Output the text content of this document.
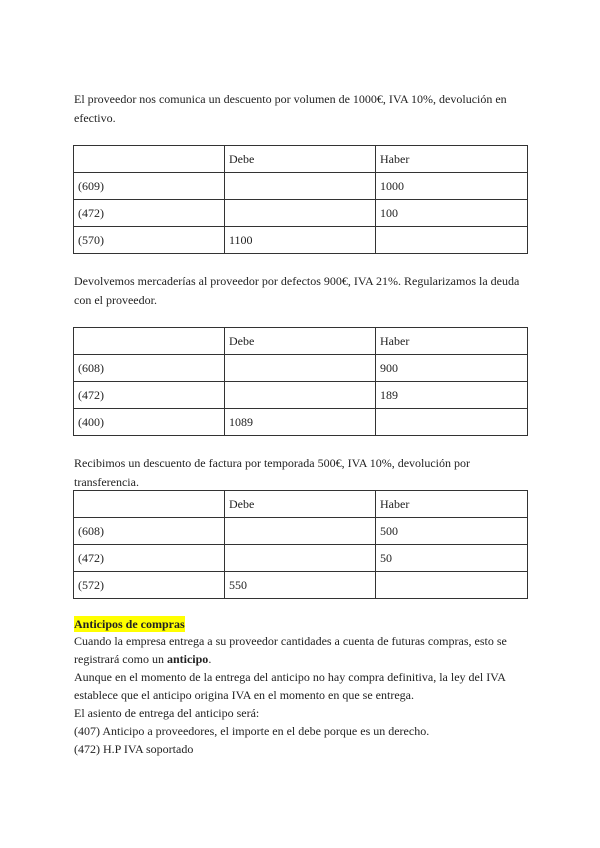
El proveedor nos comunica un descuento por volumen de 1000€, IVA 10%, devolución en efectivo.

	Debe	Haber
(609)		1000
(472)		100
(570)	1100	

Devolvemos mercaderías al proveedor por defectos 900€, IVA 21%. Regularizamos la deuda con el proveedor.

	Debe	Haber
(608)		900
(472)		189
(400)	1089	

Recibimos un descuento de factura por temporada 500€, IVA 10%, devolución por transferencia.

	Debe	Haber
(608)		500
(472)		50
(572)	550	
Anticipos de compras

Cuando la empresa entrega a su proveedor cantidades a cuenta de futuras compras, esto se registrará como un anticipo.

Aunque en el momento de la entrega del anticipo no hay compra definitiva, la ley del IVA establece que el anticipo origina IVA en el momento en que se entrega.

El asiento de entrega del anticipo será:

(407) Anticipo a proveedores, el importe en el debe porque es un derecho.

(472) H.P IVA soportado
